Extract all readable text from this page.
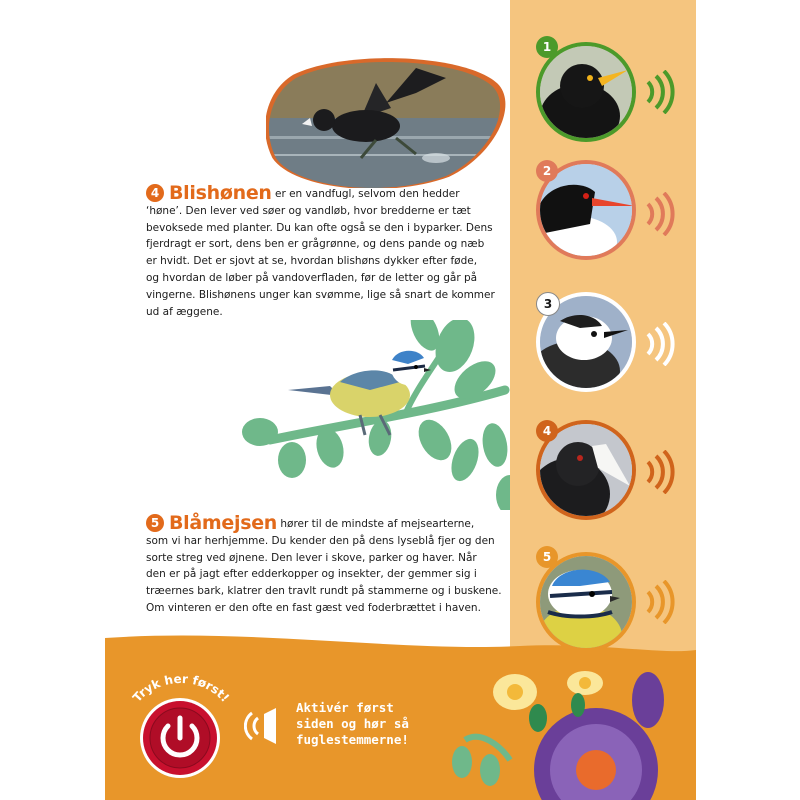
4 Blishønen er en vandfugl, selvom den hedder
‘høne’. Den lever ved søer og vandløb, hvor bredderne er tæt
bevoksede med planter. Du kan ofte også se den i byparker. Dens
fjerdragt er sort, dens ben er grågrønne, og dens pande og næb
er hvidt. Det er sjovt at se, hvordan blishøns dykker efter føde,
og hvordan de løber på vandoverfladen, før de letter og går på
vingerne. Blishønens unger kan svømme, lige så snart de kommer
ud af æggene.
5 Blåmejsen hører til de mindste af mejsearterne,
som vi har herhjemme. Du kender den på dens lyseblå fjer og den
sorte streg ved øjnene. Den lever i skove, parker og haver. Når
den er på jagt efter edderkopper og insekter, der gemmer sig i
træernes bark, klatrer den travlt rundt på stammerne og i buskene.
Om vinteren er den ofte en fast gæst ved foderbrættet i haven.
1
2
3
4
5
Tryk her først!
Aktivér først
siden og hør så
fuglestemmerne!
